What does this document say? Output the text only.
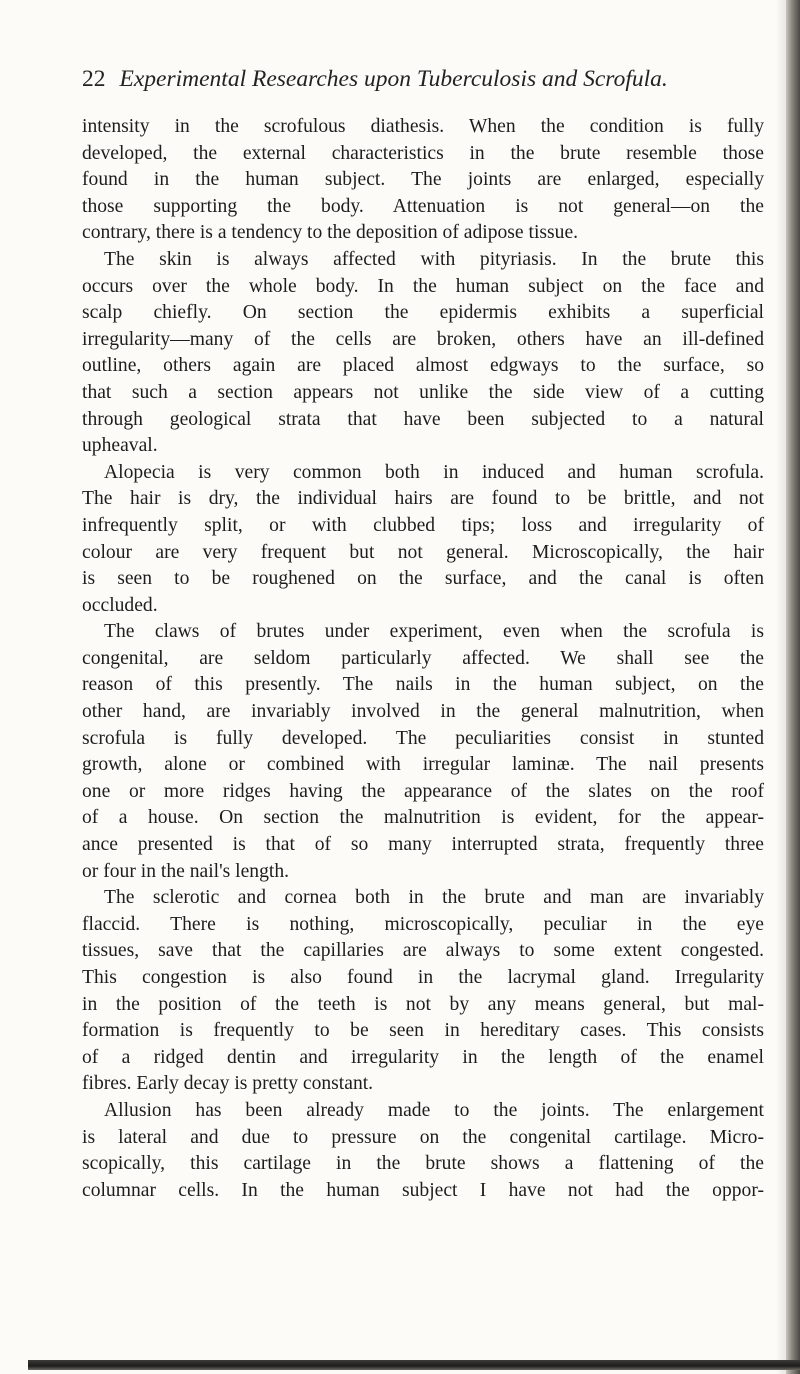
22 Experimental Researches upon Tuberculosis and Scrofula.
intensity in the scrofulous diathesis. When the condition is fully
developed, the external characteristics in the brute resemble those
found in the human subject. The joints are enlarged, especially
those supporting the body. Attenuation is not general—on the
contrary, there is a tendency to the deposition of adipose tissue.
The skin is always affected with pityriasis. In the brute this
occurs over the whole body. In the human subject on the face and
scalp chiefly. On section the epidermis exhibits a superficial
irregularity—many of the cells are broken, others have an ill-defined
outline, others again are placed almost edgways to the surface, so
that such a section appears not unlike the side view of a cutting
through geological strata that have been subjected to a natural
upheaval.
Alopecia is very common both in induced and human scrofula.
The hair is dry, the individual hairs are found to be brittle, and not
infrequently split, or with clubbed tips; loss and irregularity of
colour are very frequent but not general. Microscopically, the hair
is seen to be roughened on the surface, and the canal is often
occluded.
The claws of brutes under experiment, even when the scrofula is
congenital, are seldom particularly affected. We shall see the
reason of this presently. The nails in the human subject, on the
other hand, are invariably involved in the general malnutrition, when
scrofula is fully developed. The peculiarities consist in stunted
growth, alone or combined with irregular laminæ. The nail presents
one or more ridges having the appearance of the slates on the roof
of a house. On section the malnutrition is evident, for the appear-
ance presented is that of so many interrupted strata, frequently three
or four in the nail's length.
The sclerotic and cornea both in the brute and man are invariably
flaccid. There is nothing, microscopically, peculiar in the eye
tissues, save that the capillaries are always to some extent congested.
This congestion is also found in the lacrymal gland. Irregularity
in the position of the teeth is not by any means general, but mal-
formation is frequently to be seen in hereditary cases. This consists
of a ridged dentin and irregularity in the length of the enamel
fibres. Early decay is pretty constant.
Allusion has been already made to the joints. The enlargement
is lateral and due to pressure on the congenital cartilage. Micro-
scopically, this cartilage in the brute shows a flattening of the
columnar cells. In the human subject I have not had the oppor-
